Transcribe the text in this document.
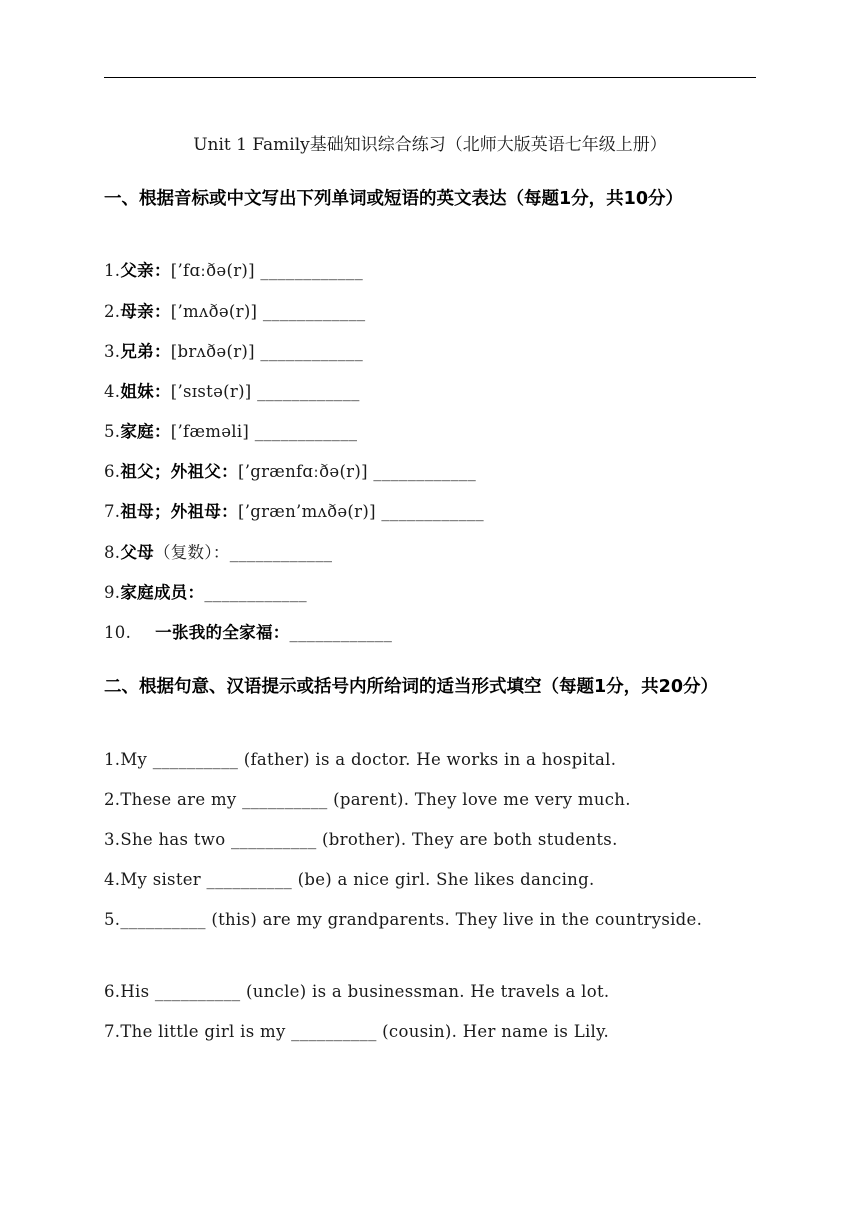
Unit 1 Family基础知识综合练习（北师大版英语七年级上册）
一、根据音标或中文写出下列单词或短语的英文表达（每题1分，共10分）
1.父亲：[’fɑːðə(r)] ____________
2.母亲：[’mʌðə(r)] ____________
3.兄弟：[brʌðə(r)] ____________
4.姐妹：[’sɪstə(r)] ____________
5.家庭：[’fæməli] ____________
6.祖父；外祖父：[’grænfɑːðə(r)] ____________
7.祖母；外祖母：[’græn’mʌðə(r)] ____________
8.父母（复数）：____________
9.家庭成员：____________
10. 一张我的全家福：____________
二、根据句意、汉语提示或括号内所给词的适当形式填空（每题1分，共20分）
1.My __________ (father) is a doctor. He works in a hospital.
2.These are my __________ (parent). They love me very much.
3.She has two __________ (brother). They are both students.
4.My sister __________ (be) a nice girl. She likes dancing.
5.__________ (this) are my grandparents. They live in the countryside.
6.His __________ (uncle) is a businessman. He travels a lot.
7.The little girl is my __________ (cousin). Her name is Lily.
